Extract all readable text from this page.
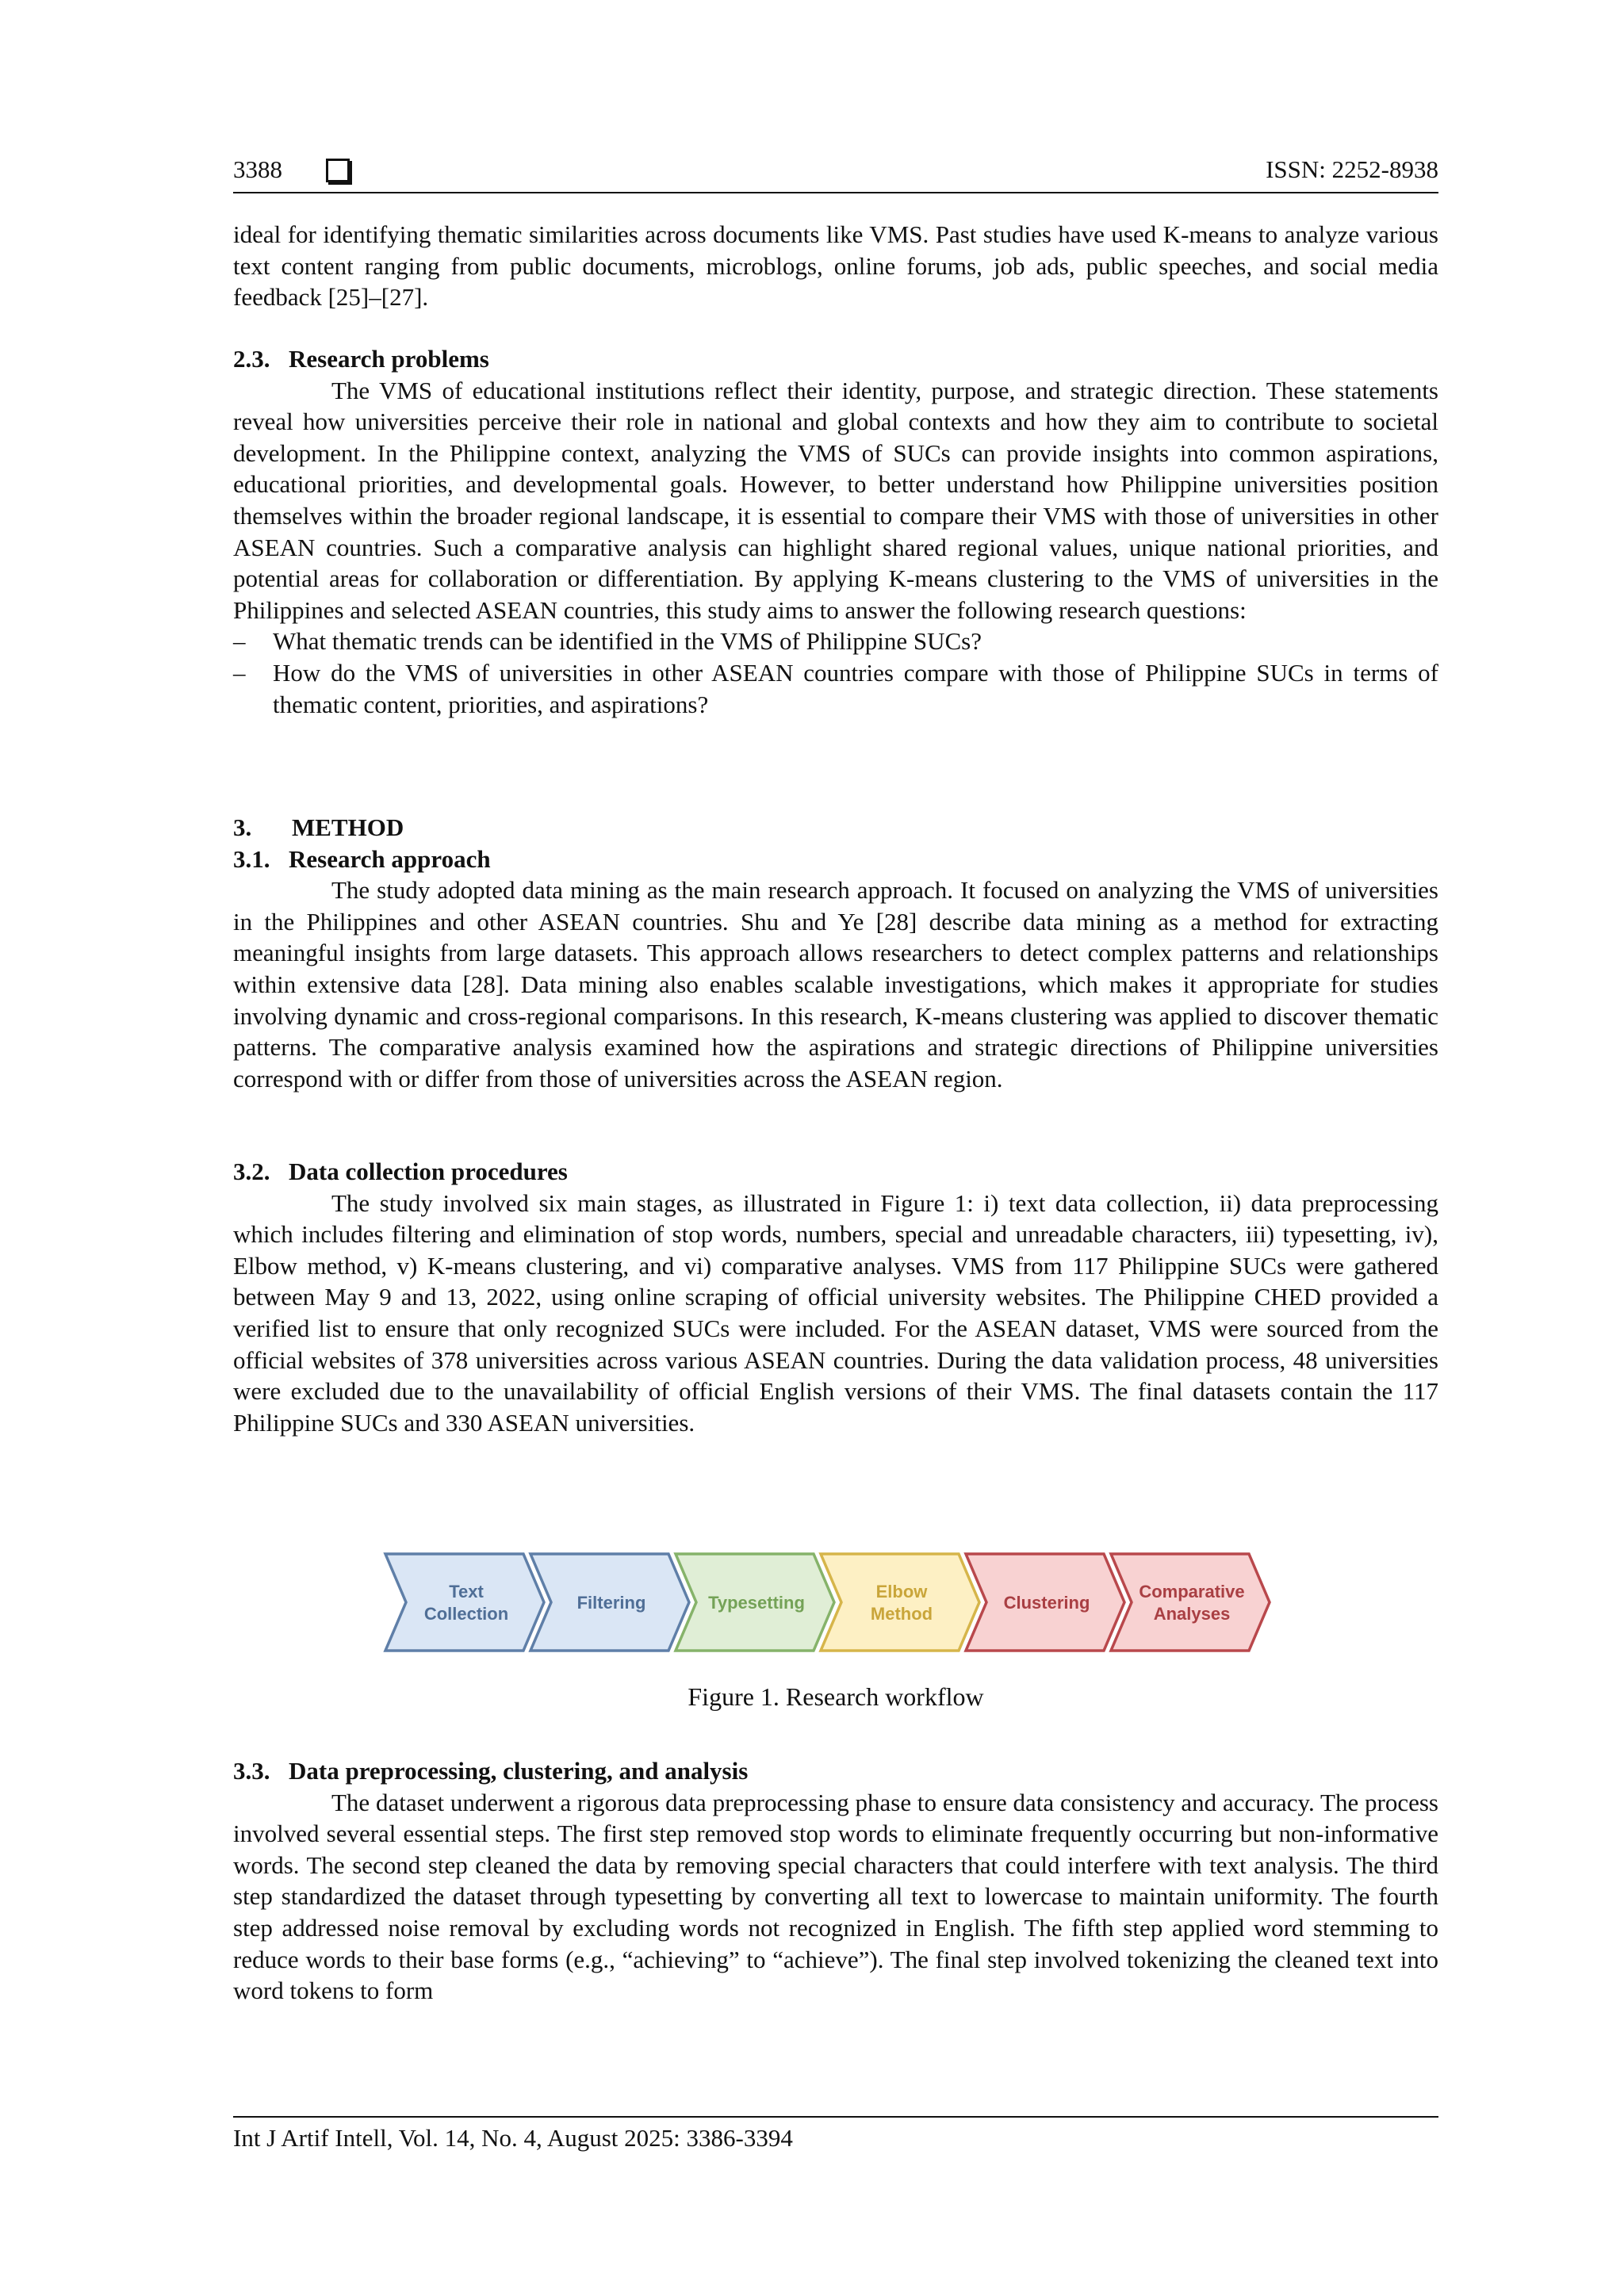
3388	ISSN: 2252-8938

ideal for identifying thematic similarities across documents like VMS. Past studies have used K-means to analyze various text content ranging from public documents, microblogs, online forums, job ads, public speeches, and social media feedback [25]–[27].

2.3. Research problems

The VMS of educational institutions reflect their identity, purpose, and strategic direction. These statements reveal how universities perceive their role in national and global contexts and how they aim to contribute to societal development. In the Philippine context, analyzing the VMS of SUCs can provide insights into common aspirations, educational priorities, and developmental goals. However, to better understand how Philippine universities position themselves within the broader regional landscape, it is essential to compare their VMS with those of universities in other ASEAN countries. Such a comparative analysis can highlight shared regional values, unique national priorities, and potential areas for collaboration or differentiation. By applying K-means clustering to the VMS of universities in the Philippines and selected ASEAN countries, this study aims to answer the following research questions:

– What thematic trends can be identified in the VMS of Philippine SUCs?
– How do the VMS of universities in other ASEAN countries compare with those of Philippine SUCs in terms of thematic content, priorities, and aspirations?
3. METHOD
3.1. Research approach

The study adopted data mining as the main research approach. It focused on analyzing the VMS of universities in the Philippines and other ASEAN countries. Shu and Ye [28] describe data mining as a method for extracting meaningful insights from large datasets. This approach allows researchers to detect complex patterns and relationships within extensive data [28]. Data mining also enables scalable investigations, which makes it appropriate for studies involving dynamic and cross-regional comparisons. In this research, K-means clustering was applied to discover thematic patterns. The comparative analysis examined how the aspirations and strategic directions of Philippine universities correspond with or differ from those of universities across the ASEAN region.

3.2. Data collection procedures

The study involved six main stages, as illustrated in Figure 1: i) text data collection, ii) data preprocessing which includes filtering and elimination of stop words, numbers, special and unreadable characters, iii) typesetting, iv), Elbow method, v) K-means clustering, and vi) comparative analyses. VMS from 117 Philippine SUCs were gathered between May 9 and 13, 2022, using online scraping of official university websites. The Philippine CHED provided a verified list to ensure that only recognized SUCs were included. For the ASEAN dataset, VMS were sourced from the official websites of 378 universities across various ASEAN countries. During the data validation process, 48 universities were excluded due to the unavailability of official English versions of their VMS. The final datasets contain the 117 Philippine SUCs and 330 ASEAN universities.

Text
Collection
Filtering	Typesetting
Elbow
Method
Clustering
Comparative
Analyses
Figure 1. Research workflow
3.3. Data preprocessing, clustering, and analysis

The dataset underwent a rigorous data preprocessing phase to ensure data consistency and accuracy. The process involved several essential steps. The first step removed stop words to eliminate frequently occurring but non-informative words. The second step cleaned the data by removing special characters that could interfere with text analysis. The third step standardized the dataset through typesetting by converting all text to lowercase to maintain uniformity. The fourth step addressed noise removal by excluding words not recognized in English. The fifth step applied word stemming to reduce words to their base forms (e.g., “achieving” to “achieve”). The final step involved tokenizing the cleaned text into word tokens to form

Int J Artif Intell, Vol. 14, No. 4, August 2025: 3386-3394
